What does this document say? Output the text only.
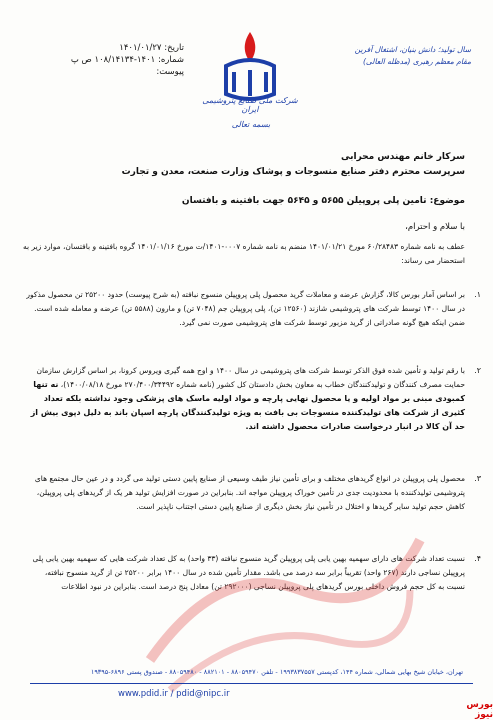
تاریخ: ۱۴۰۱/۰۱/۲۷
شماره: ۱۴۰۱-۱۰۸/۱۴۱۳۴ ص پ
پیوست:
سال تولید؛ دانش بنیان، اشتغال آفرین
مقام معظم رهبری (مدظله العالی)
شرکت ملی صنایع پتروشیمی ایران
بسمه تعالی
سرکار خانم مهندس محرابی
سرپرست محترم دفتر صنایع منسوجات و پوشاک وزارت صنعت، معدن و تجارت
موضوع: تامین پلی پروپیلن ۵۶۵۵ و ۵۶۴۵ جهت بافتینه و بافتسان
با سلام و احترام،
عطف به نامه شماره ۶۰/۲۸۴۸۳ مورخ ۱۴۰۱/۰۱/۲۱ منضم به نامه شماره ۰۰۰۷-۱۴۰۱/ت مورخ ۱۴۰۱/۰۱/۱۶ گروه بافتینه و بافتسان، موارد زیر به استحضار می رساند:
۱.
بر اساس آمار بورس کالا، گزارش عرضه و معاملات گرید محصول پلی پروپیلن منسوج نبافته (به شرح پیوست) حدود ۲۵۲۰۰ تن محصول مذکور در سال ۱۴۰۰ توسط شرکت های پتروشیمی شازند (۱۲۵۶۰ تن)، پلی پروپیلن جم (۷۰۴۸ تن) و مارون (۵۵۸۸ تن) عرضه و معامله شده است. ضمن اینکه هیچ گونه صادراتی از گرید مزبور توسط شرکت های پتروشیمی صورت نمی گیرد.
۲.
با رقم تولید و تأمین شده فوق الذکر توسط شرکت های پتروشیمی در سال ۱۴۰۰ و اوج همه گیری ویروس کرونا، بر اساس گزارش سازمان حمایت مصرف کنندگان و تولیدکنندگان خطاب به معاون بخش دادستان کل کشور (نامه شماره ۲۷۰/۴۰۰/۳۴۴۹۲ مورخ ۱۴۰۰/۰۸/۱۸)، نه تنها کمبودی مبنی بر مواد اولیه و یا محصول نهایی پارچه و مواد اولیه ماسک های پزشکی وجود نداشته بلکه تعداد کثیری از شرکت های تولیدکننده منسوجات بی بافت به ویژه تولیدکنندگان پارچه اسپان باند به دلیل دپوی بیش از حد آن کالا در انبار درخواست صادرات محصول داشته اند.
۳.
محصول پلی پروپیلن در انواع گریدهای مختلف و برای تأمین نیاز طیف وسیعی از صنایع پایین دستی تولید می گردد و در عین حال مجتمع های پتروشیمی تولیدکننده با محدودیت جدی در تأمین خوراک پروپیلن مواجه اند. بنابراین در صورت افزایش تولید هر یک از گریدهای پلی پروپیلن، کاهش حجم تولید سایر گریدها و اختلال در تأمین نیاز بخش دیگری از صنایع پایین دستی اجتناب ناپذیر است.
۴.
نسبت تعداد شرکت های دارای سهمیه بهین یابی پلی پروپیلن گرید منسوج نبافته (۳۳ واحد) به کل تعداد شرکت هایی که سهمیه بهین یابی پلی پروپیلن نساجی دارند (۲۶۷ واحد) تقریباً برابر سه درصد می باشد. مقدار تأمین شده در سال ۱۴۰۰ برابر ۲۵۲۰۰ تن از گرید منسوج نبافته، نسبت به کل حجم فروش داخلی بورس گریدهای پلی پروپیلن نساجی (۲۹۲۰۰۰ تن) معادل پنج درصد است. بنابراین در نبود اطلاعات
تهران، خیابان شیخ بهایی شمالی، شماره ۱۴۴، کدپستی ۱۹۹۳۸۳۷۵۵۷ - تلفن ۸۸۰۵۹۴۷۰ - ۸۸۲۱۰۱ - ۸۸۰۵۹۴۸۰ - صندوق پستی ۶۸۹۶-۱۹۳۹۵
www.pdid.ir / pdid@nipc.ir
بورس نیوز
